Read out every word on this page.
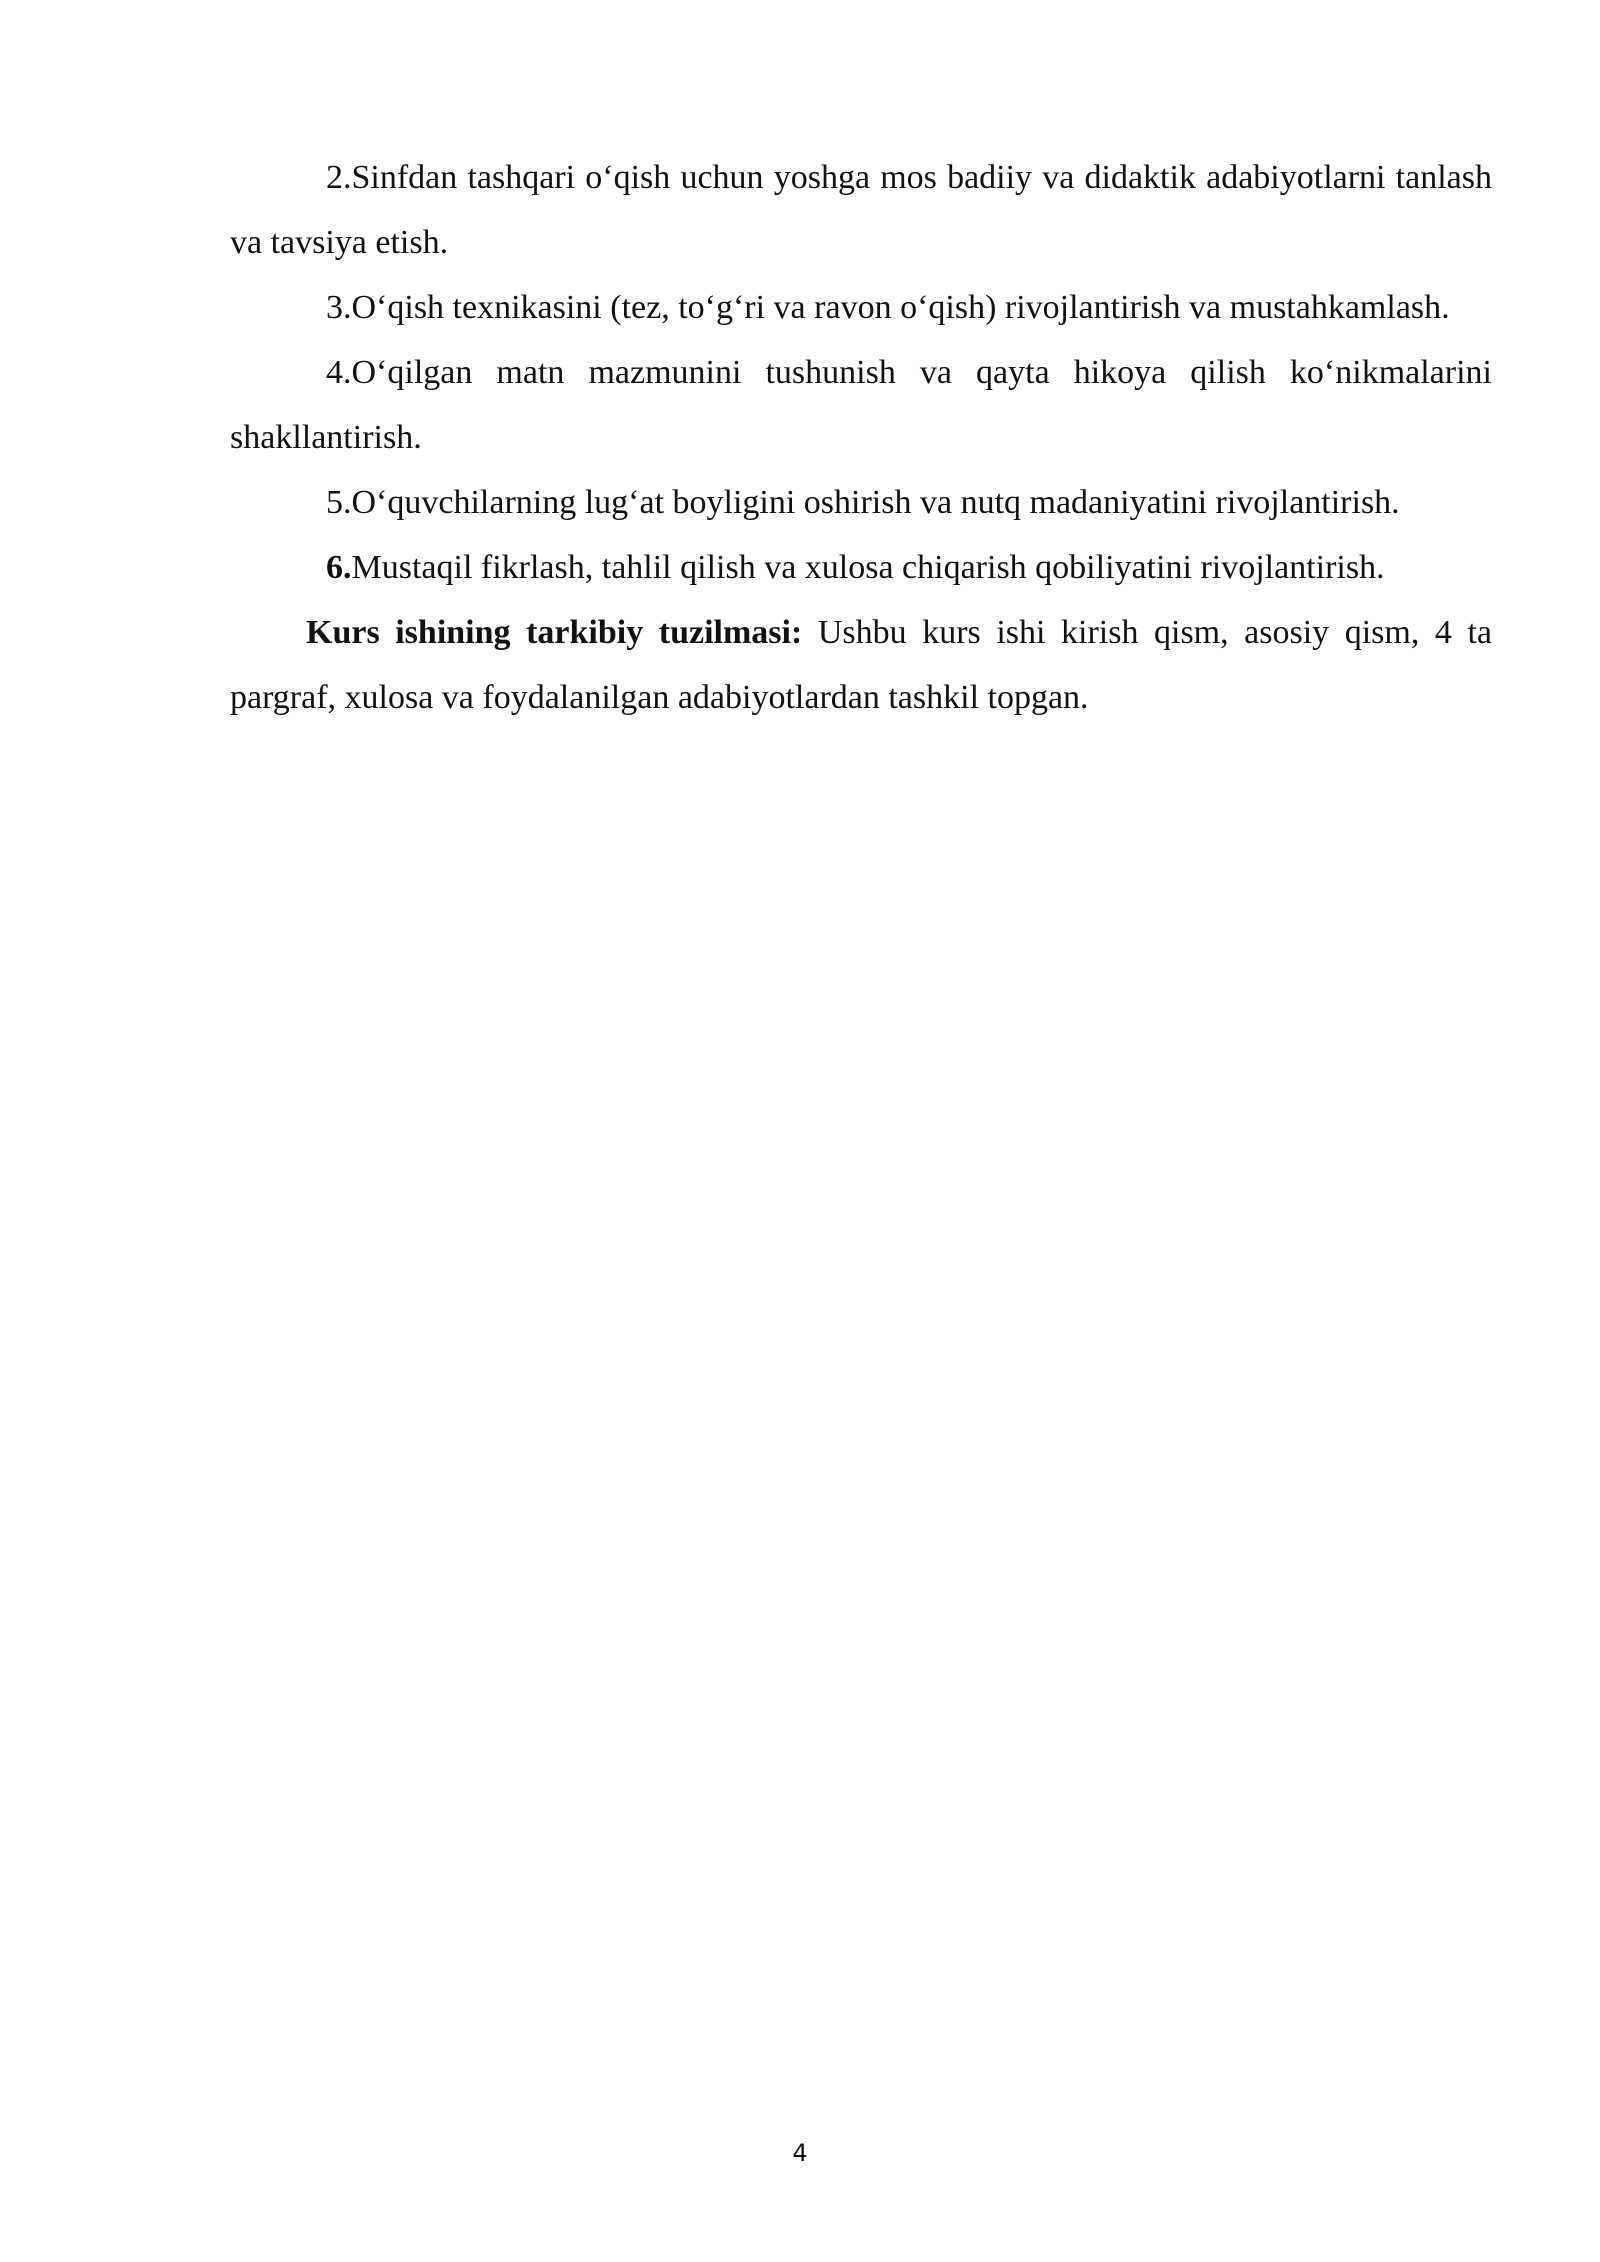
2.Sinfdan tashqari o‘qish uchun yoshga mos badiiy va didaktik adabiyotlarni tanlash va tavsiya etish.

3.O‘qish texnikasini (tez, to‘g‘ri va ravon o‘qish) rivojlantirish va mustahkamlash.

4.O‘qilgan matn mazmunini tushunish va qayta hikoya qilish ko‘nikmalarini shakllantirish.

5.O‘quvchilarning lug‘at boyligini oshirish va nutq madaniyatini rivojlantirish.

6.Mustaqil fikrlash, tahlil qilish va xulosa chiqarish qobiliyatini rivojlantirish.

Kurs ishining tarkibiy tuzilmasi: Ushbu kurs ishi kirish qism, asosiy qism, 4 ta pargraf, xulosa va foydalanilgan adabiyotlardan tashkil topgan.

4
